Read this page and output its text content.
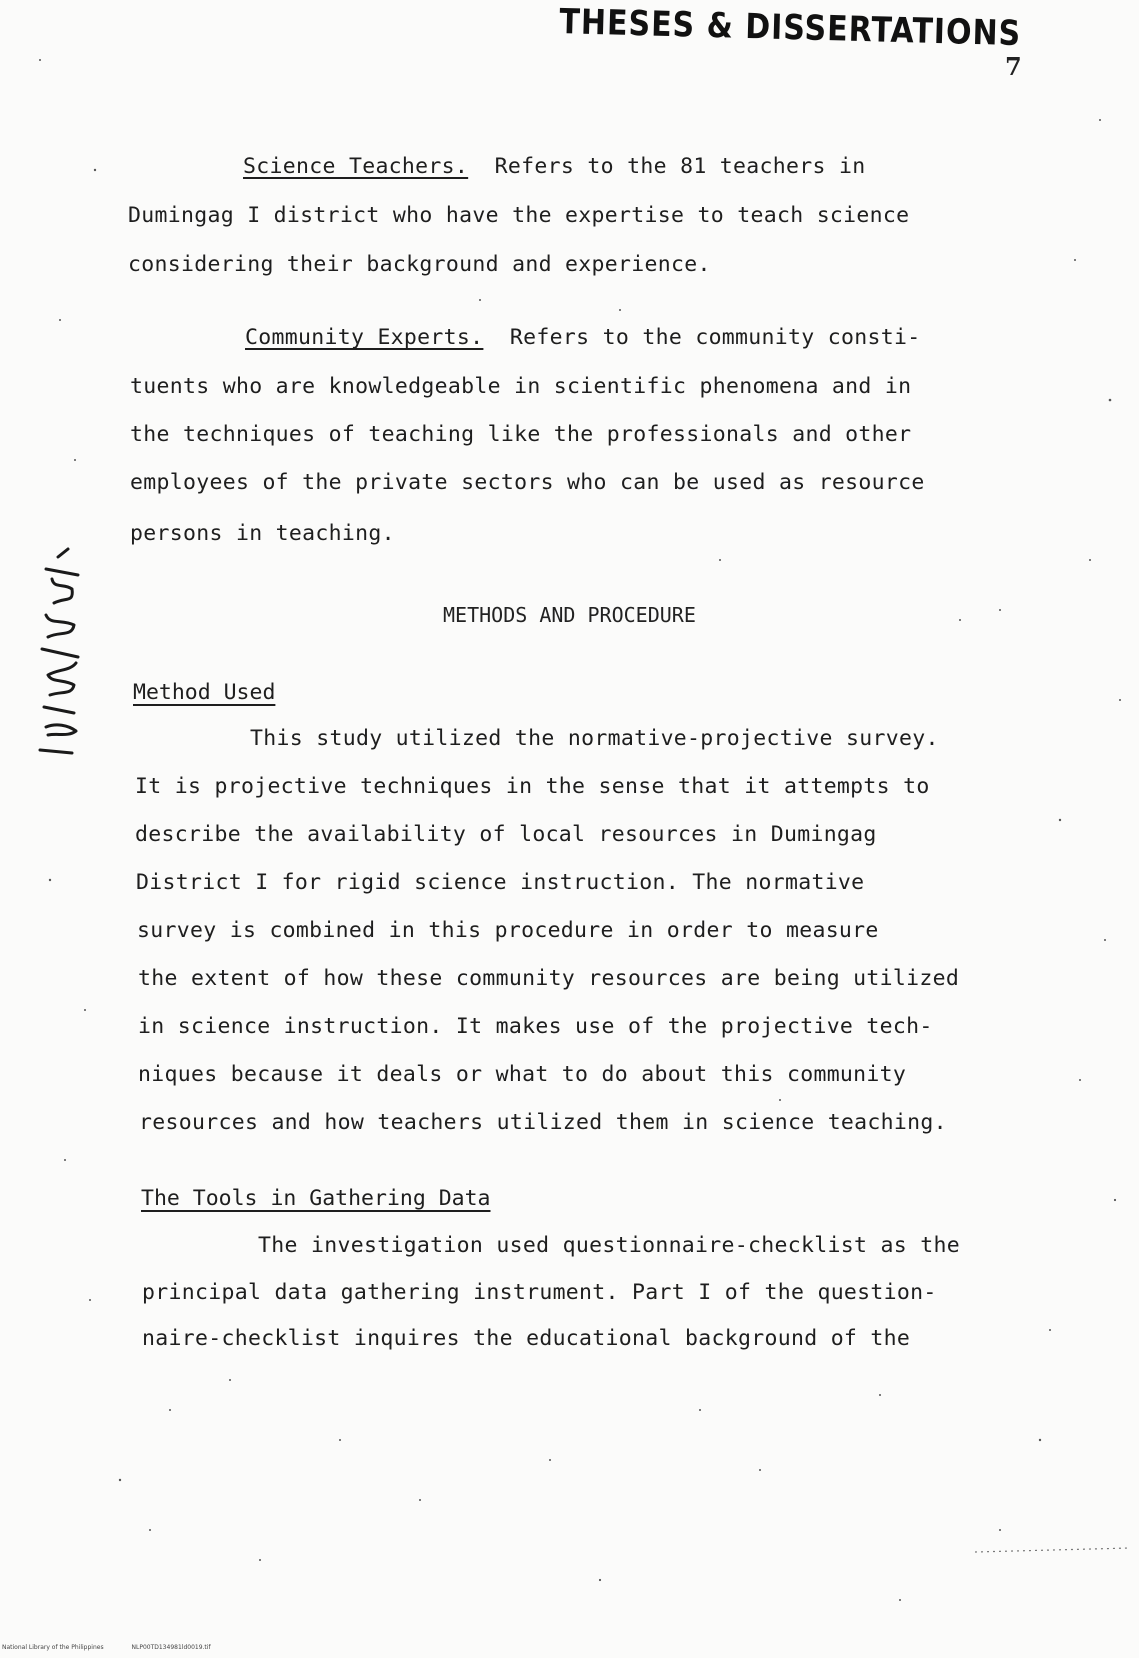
THESES & DISSERTATIONS
7
Science Teachers. Refers to the 81 teachers in
Dumingag I district who have the expertise to teach science
considering their background and experience.
Community Experts. Refers to the community consti-
tuents who are knowledgeable in scientific phenomena and in
the techniques of teaching like the professionals and other
employees of the private sectors who can be used as resource
persons in teaching.
METHODS AND PROCEDURE
Method Used
This study utilized the normative-projective survey.
It is projective techniques in the sense that it attempts to
describe the availability of local resources in Dumingag
District I for rigid science instruction. The normative
survey is combined in this procedure in order to measure
the extent of how these community resources are being utilized
in science instruction. It makes use of the projective tech-
niques because it deals or what to do about this community
resources and how teachers utilized them in science teaching.
The Tools in Gathering Data
The investigation used questionnaire-checklist as the
principal data gathering instrument. Part I of the question-
naire-checklist inquires the educational background of the
National Library of the Philippines	NLP00TD134981ld0019.tif
